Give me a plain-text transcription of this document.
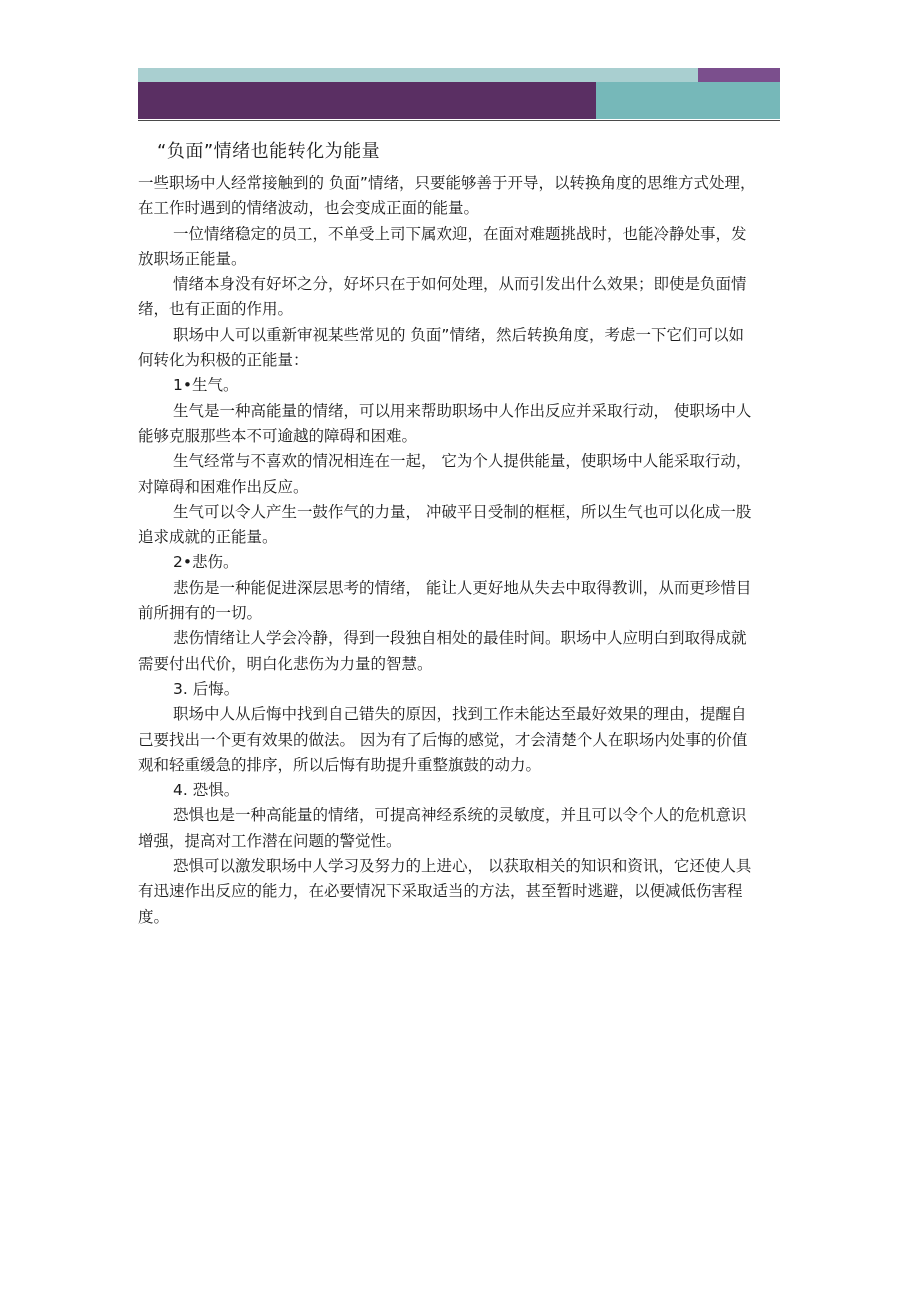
“负面”情绪也能转化为能量

一些职场中人经常接触到的 负面”情绪，只要能够善于开导，以转换角度的思维方式处理，在工作时遇到的情绪波动，也会变成正面的能量。

一位情绪稳定的员工，不单受上司下属欢迎，在面对难题挑战时，也能冷静处事，发放职场正能量。

情绪本身没有好坏之分，好坏只在于如何处理，从而引发出什么效果；即使是负面情绪，也有正面的作用。

职场中人可以重新审视某些常见的 负面”情绪，然后转换角度，考虑一下它们可以如何转化为积极的正能量：

1•生气。

生气是一种高能量的情绪，可以用来帮助职场中人作出反应并采取行动， 使职场中人能够克服那些本不可逾越的障碍和困难。

生气经常与不喜欢的情况相连在一起， 它为个人提供能量，使职场中人能采取行动，对障碍和困难作出反应。

生气可以令人产生一鼓作气的力量， 冲破平日受制的框框，所以生气也可以化成一股追求成就的正能量。

2•悲伤。

悲伤是一种能促进深层思考的情绪， 能让人更好地从失去中取得教训，从而更珍惜目前所拥有的一切。

悲伤情绪让人学会冷静，得到一段独自相处的最佳时间。职场中人应明白到取得成就需要付出代价，明白化悲伤为力量的智慧。

3. 后悔。

职场中人从后悔中找到自己错失的原因，找到工作未能达至最好效果的理由，提醒自己要找出一个更有效果的做法。 因为有了后悔的感觉，才会清楚个人在职场内处事的价值观和轻重缓急的排序，所以后悔有助提升重整旗鼓的动力。

4. 恐惧。

恐惧也是一种高能量的情绪，可提高神经系统的灵敏度，并且可以令个人的危机意识增强，提高对工作潜在问题的警觉性。

恐惧可以激发职场中人学习及努力的上进心， 以获取相关的知识和资讯，它还使人具有迅速作出反应的能力，在必要情况下采取适当的方法，甚至暂时逃避，以便减低伤害程度。
